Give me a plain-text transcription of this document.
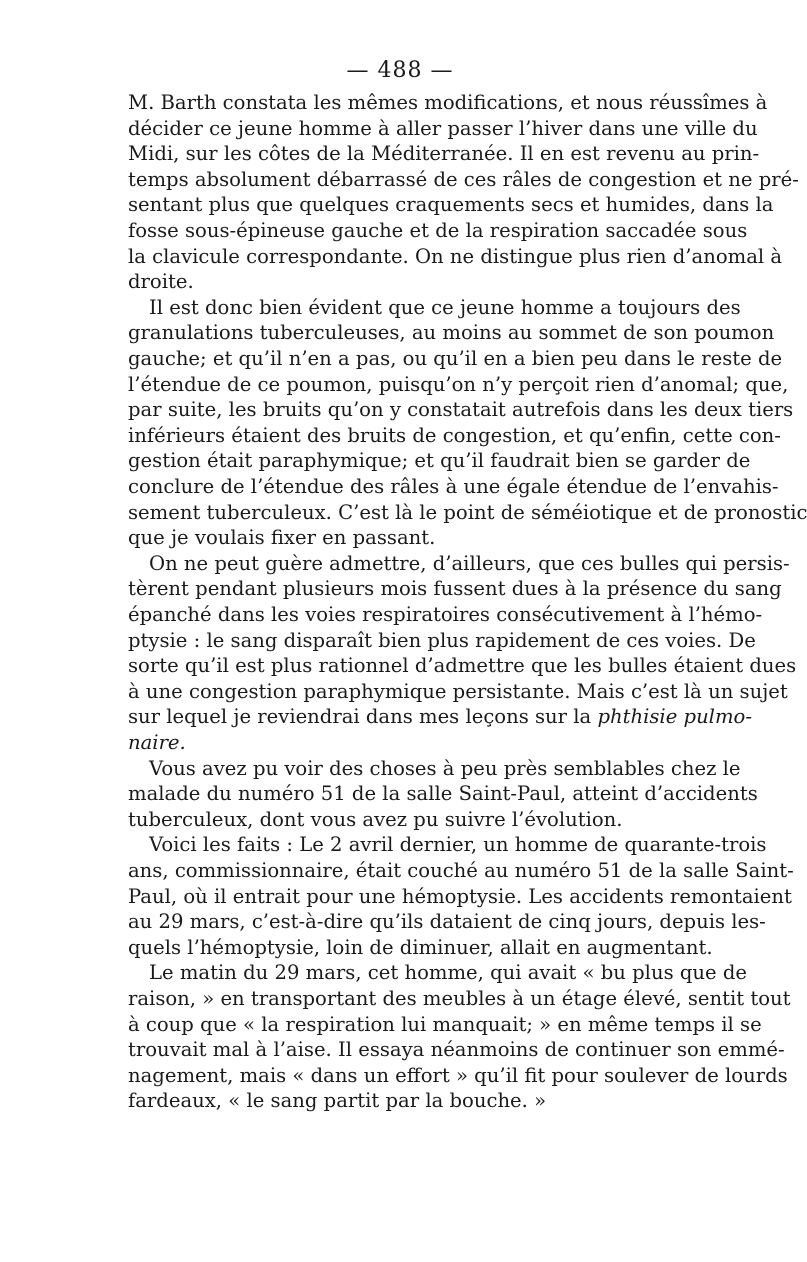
— 488 —
M. Barth constata les mêmes modifications, et nous réussîmes à
décider ce jeune homme à aller passer l’hiver dans une ville du
Midi, sur les côtes de la Méditerranée. Il en est revenu au prin-
temps absolument débarrassé de ces râles de congestion et ne pré-
sentant plus que quelques craquements secs et humides, dans la
fosse sous-épineuse gauche et de la respiration saccadée sous
la clavicule correspondante. On ne distingue plus rien d’anomal à
droite.
Il est donc bien évident que ce jeune homme a toujours des
granulations tuberculeuses, au moins au sommet de son poumon
gauche; et qu’il n’en a pas, ou qu’il en a bien peu dans le reste de
l’étendue de ce poumon, puisqu’on n’y perçoit rien d’anomal; que,
par suite, les bruits qu’on y constatait autrefois dans les deux tiers
inférieurs étaient des bruits de congestion, et qu’enfin, cette con-
gestion était paraphymique; et qu’il faudrait bien se garder de
conclure de l’étendue des râles à une égale étendue de l’envahis-
sement tuberculeux. C’est là le point de séméiotique et de pronostic
que je voulais fixer en passant.
On ne peut guère admettre, d’ailleurs, que ces bulles qui persis-
tèrent pendant plusieurs mois fussent dues à la présence du sang
épanché dans les voies respiratoires consécutivement à l’hémo-
ptysie : le sang disparaît bien plus rapidement de ces voies. De
sorte qu’il est plus rationnel d’admettre que les bulles étaient dues
à une congestion paraphymique persistante. Mais c’est là un sujet
sur lequel je reviendrai dans mes leçons sur la phthisie pulmo-
naire.
Vous avez pu voir des choses à peu près semblables chez le
malade du numéro 51 de la salle Saint-Paul, atteint d’accidents
tuberculeux, dont vous avez pu suivre l’évolution.
Voici les faits : Le 2 avril dernier, un homme de quarante-trois
ans, commissionnaire, était couché au numéro 51 de la salle Saint-
Paul, où il entrait pour une hémoptysie. Les accidents remontaient
au 29 mars, c’est-à-dire qu’ils dataient de cinq jours, depuis les-
quels l’hémoptysie, loin de diminuer, allait en augmentant.
Le matin du 29 mars, cet homme, qui avait « bu plus que de
raison, » en transportant des meubles à un étage élevé, sentit tout
à coup que « la respiration lui manquait; » en même temps il se
trouvait mal à l’aise. Il essaya néanmoins de continuer son emmé-
nagement, mais « dans un effort » qu’il fit pour soulever de lourds
fardeaux, « le sang partit par la bouche. »
